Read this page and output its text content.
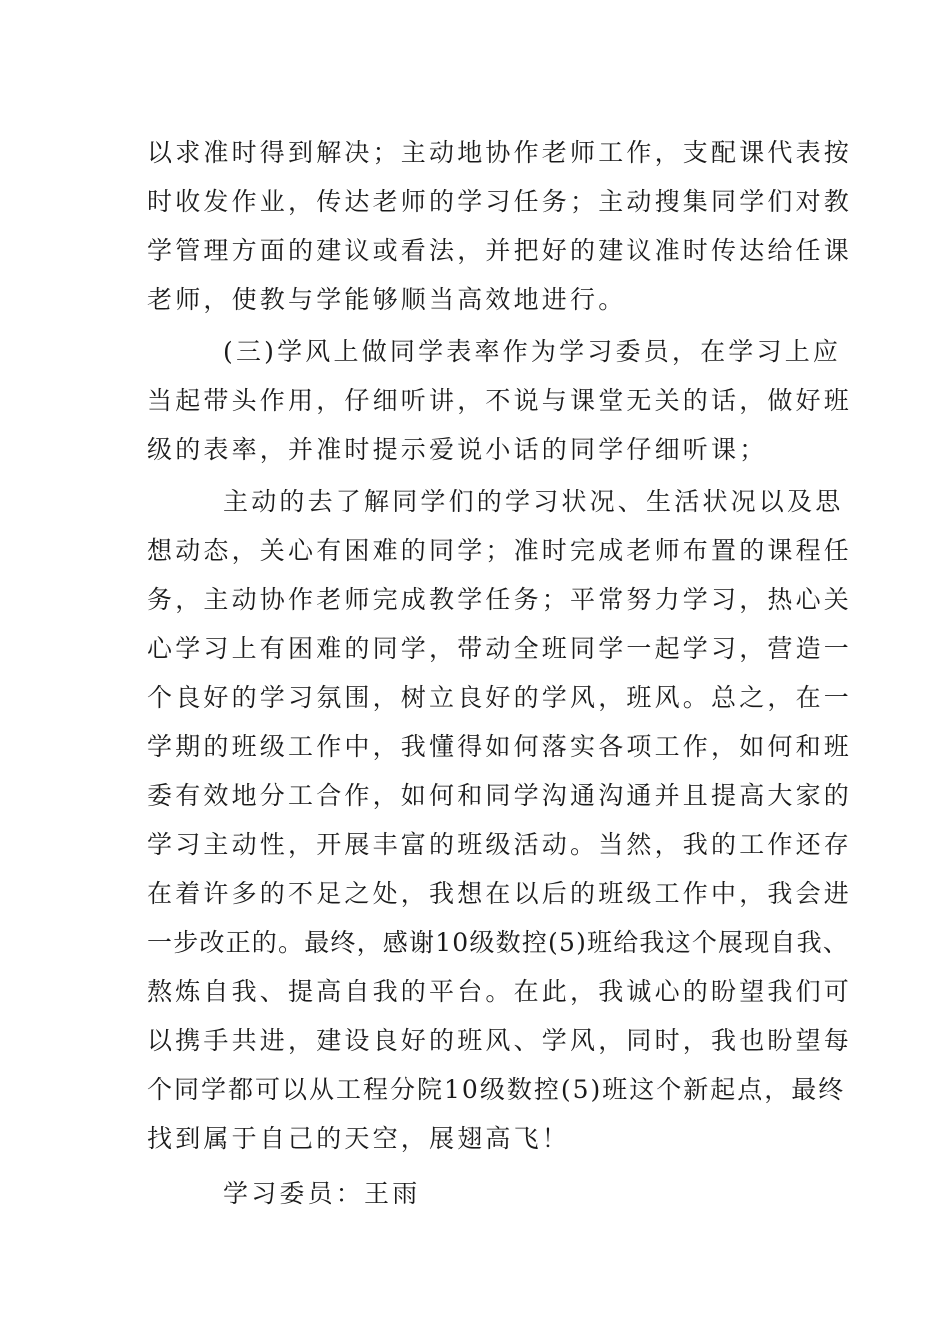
以求准时得到解决；主动地协作老师工作，支配课代表按
时收发作业，传达老师的学习任务；主动搜集同学们对教
学管理方面的建议或看法，并把好的建议准时传达给任课
老师，使教与学能够顺当高效地进行。
(三)学风上做同学表率作为学习委员，在学习上应
当起带头作用，仔细听讲，不说与课堂无关的话，做好班
级的表率，并准时提示爱说小话的同学仔细听课；
主动的去了解同学们的学习状况、生活状况以及思
想动态，关心有困难的同学；准时完成老师布置的课程任
务，主动协作老师完成教学任务；平常努力学习，热心关
心学习上有困难的同学，带动全班同学一起学习，营造一
个良好的学习氛围，树立良好的学风，班风。总之，在一
学期的班级工作中，我懂得如何落实各项工作，如何和班
委有效地分工合作，如何和同学沟通沟通并且提高大家的
学习主动性，开展丰富的班级活动。当然，我的工作还存
在着许多的不足之处，我想在以后的班级工作中，我会进
一步改正的。最终，感谢10级数控(5)班给我这个展现自我、
熬炼自我、提高自我的平台。在此，我诚心的盼望我们可
以携手共进，建设良好的班风、学风，同时，我也盼望每
个同学都可以从工程分院10级数控(5)班这个新起点，最终
找到属于自己的天空，展翅高飞！
学习委员：王雨
